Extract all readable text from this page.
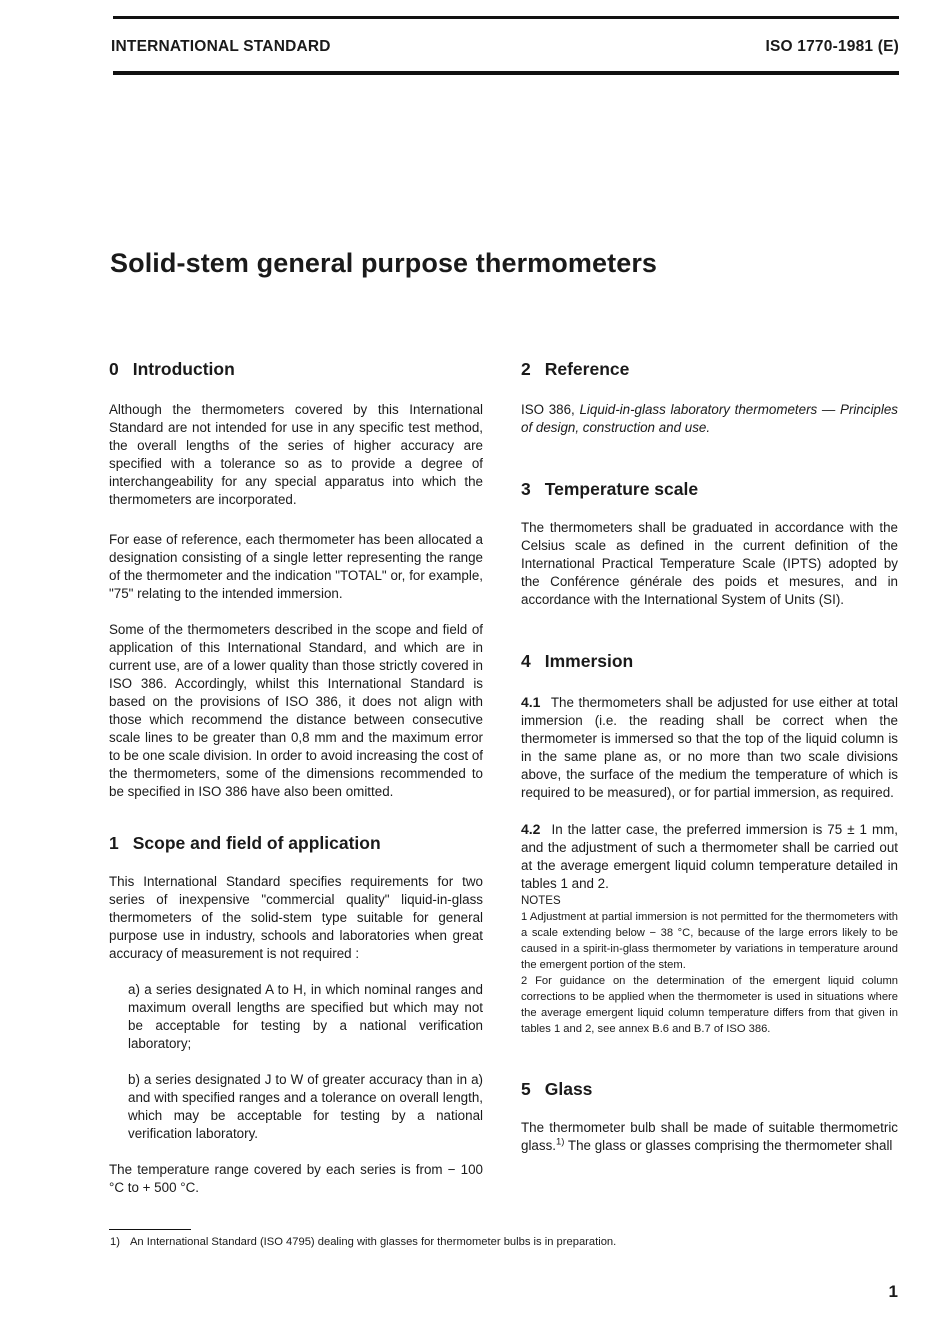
INTERNATIONAL STANDARD	ISO 1770-1981 (E)
Solid-stem general purpose thermometers
0 Introduction

Although the thermometers covered by this International Standard are not intended for use in any specific test method, the overall lengths of the series of higher accuracy are specified with a tolerance so as to provide a degree of interchangeability for any special apparatus into which the thermometers are incorporated.

For ease of reference, each thermometer has been allocated a designation consisting of a single letter representing the range of the thermometer and the indication "TOTAL" or, for example, "75" relating to the intended immersion.

Some of the thermometers described in the scope and field of application of this International Standard, and which are in current use, are of a lower quality than those strictly covered in ISO 386. Accordingly, whilst this International Standard is based on the provisions of ISO 386, it does not align with those which recommend the distance between consecutive scale lines to be greater than 0,8 mm and the maximum error to be one scale division. In order to avoid increasing the cost of the thermometers, some of the dimensions recommended to be specified in ISO 386 have also been omitted.

1 Scope and field of application

This International Standard specifies requirements for two series of inexpensive "commercial quality" liquid-in-glass thermometers of the solid-stem type suitable for general purpose use in industry, schools and laboratories when great accuracy of measurement is not required :

a) a series designated A to H, in which nominal ranges and maximum overall lengths are specified but which may not be acceptable for testing by a national verification laboratory;

b) a series designated J to W of greater accuracy than in a) and with specified ranges and a tolerance on overall length, which may be acceptable for testing by a national verification laboratory.

The temperature range covered by each series is from − 100 °C to + 500 °C.

2 Reference

ISO 386, Liquid-in-glass laboratory thermometers — Principles of design, construction and use.

3 Temperature scale

The thermometers shall be graduated in accordance with the Celsius scale as defined in the current definition of the International Practical Temperature Scale (IPTS) adopted by the Conférence générale des poids et mesures, and in accordance with the International System of Units (SI).

4 Immersion

4.1 The thermometers shall be adjusted for use either at total immersion (i.e. the reading shall be correct when the thermometer is immersed so that the top of the liquid column is in the same plane as, or no more than two scale divisions above, the surface of the medium the temperature of which is required to be measured), or for partial immersion, as required.

4.2 In the latter case, the preferred immersion is 75 ± 1 mm, and the adjustment of such a thermometer shall be carried out at the average emergent liquid column temperature detailed in tables 1 and 2.

NOTES

1 Adjustment at partial immersion is not permitted for the thermometers with a scale extending below − 38 °C, because of the large errors likely to be caused in a spirit-in-glass thermometer by variations in temperature around the emergent portion of the stem.

2 For guidance on the determination of the emergent liquid column corrections to be applied when the thermometer is used in situations where the average emergent liquid column temperature differs from that given in tables 1 and 2, see annex B.6 and B.7 of ISO 386.

5 Glass

The thermometer bulb shall be made of suitable thermometric glass.$^{1)}$ The glass or glasses comprising the thermometer shall

1) An International Standard (ISO 4795) dealing with glasses for thermometer bulbs is in preparation.
1
